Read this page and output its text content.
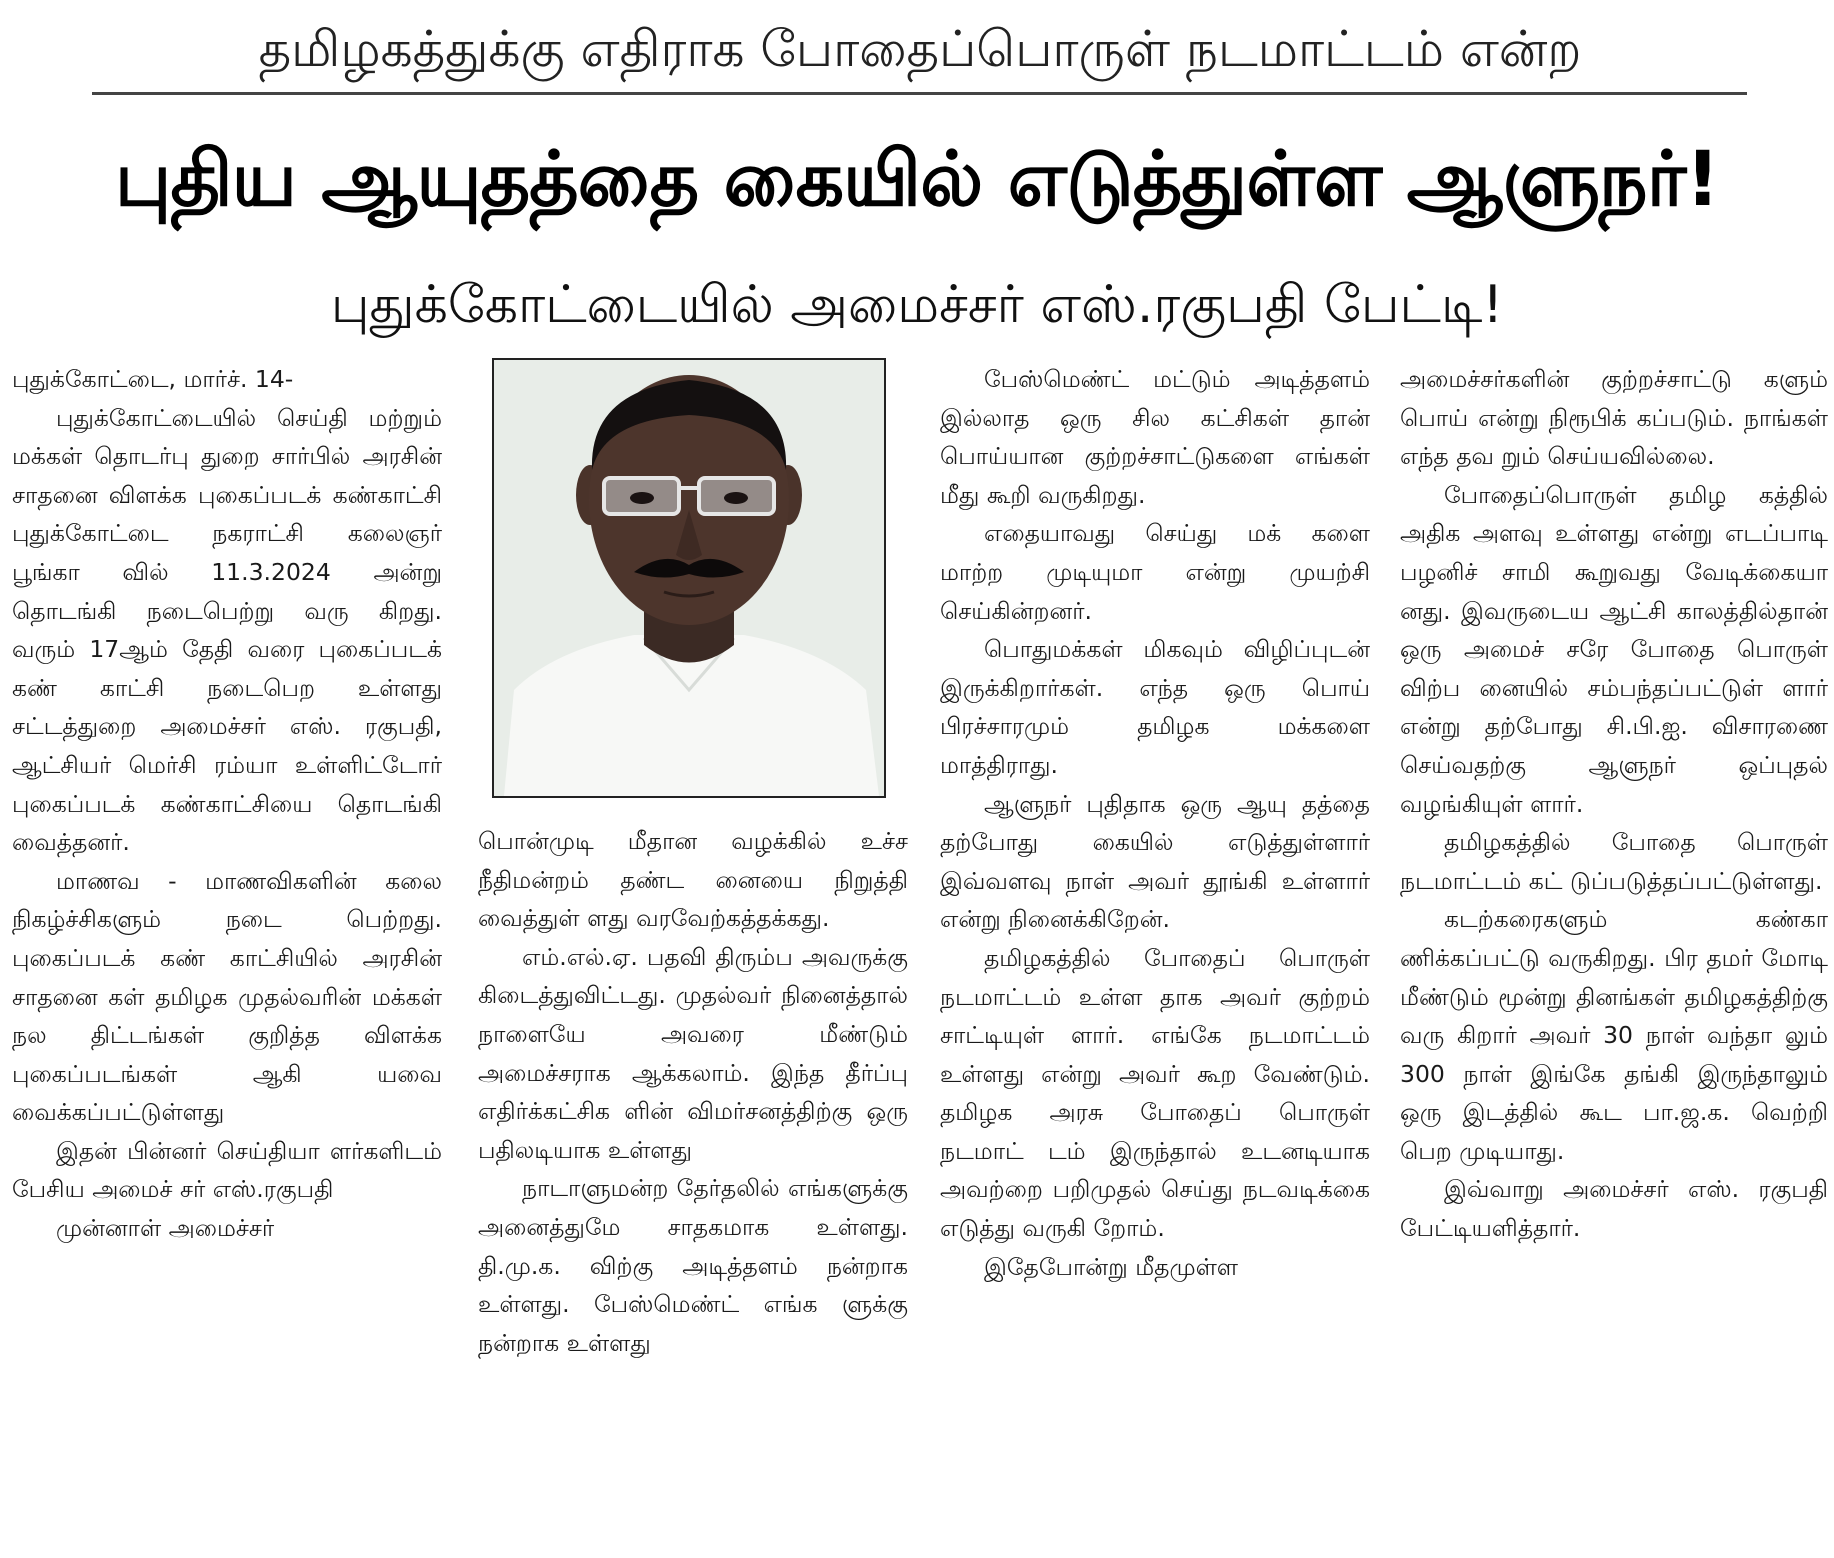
தமிழகத்துக்கு எதிராக போதைப்பொருள் நடமாட்டம் என்ற
புதிய ஆயுதத்தை கையில் எடுத்துள்ள ஆளுநர்!
புதுக்கோட்டையில் அமைச்சர் எஸ்.ரகுபதி பேட்டி!

புதுக்கோட்டை, மார்ச். 14-

புதுக்கோட்டையில் செய்தி மற்றும் மக்கள் தொடர்பு துறை சார்பில் அரசின் சாதனை விளக்க புகைப்படக் கண்காட்சி புதுக்கோட்டை நகராட்சி கலைஞர் பூங்கா வில் 11.3.2024 அன்று தொடங்கி நடைபெற்று வரு கிறது. வரும் 17ஆம் தேதி வரை புகைப்படக் கண் காட்சி நடைபெற உள்ளது சட்டத்துறை அமைச்சர் எஸ். ரகுபதி, ஆட்சியர் மெர்சி ரம்யா உள்ளிட்டோர் புகைப்படக் கண்காட்சியை தொடங்கி வைத்தனர்.

மாணவ - மாணவிகளின் கலை நிகழ்ச்சிகளும் நடை பெற்றது. புகைப்படக் கண் காட்சியில் அரசின் சாதனை கள் தமிழக முதல்வரின் மக்கள் நல திட்டங்கள் குறித்த விளக்க புகைப்படங்கள் ஆகி யவை வைக்கப்பட்டுள்ளது

இதன் பின்னர் செய்தியா ளர்களிடம் பேசிய அமைச் சர் எஸ்.ரகுபதி

முன்னாள் அமைச்சர்

பொன்முடி மீதான வழக்கில் உச்ச நீதிமன்றம் தண்ட னையை நிறுத்தி வைத்துள் ளது வரவேற்கத்தக்கது.

எம்.எல்.ஏ. பதவி திரும்ப அவருக்கு கிடைத்துவிட்டது. முதல்வர் நினைத்தால் நாளையே அவரை மீண்டும் அமைச்சராக ஆக்கலாம். இந்த தீர்ப்பு எதிர்க்கட்சிக ளின் விமர்சனத்திற்கு ஒரு பதிலடியாக உள்ளது

நாடாளுமன்ற தேர்தலில் எங்களுக்கு அனைத்துமே சாதகமாக உள்ளது. தி.மு.க. விற்கு அடித்தளம் நன்றாக உள்ளது. பேஸ்மெண்ட் எங்க ளுக்கு நன்றாக உள்ளது

பேஸ்மெண்ட் மட்டும் அடித்தளம் இல்லாத ஒரு சில கட்சிகள் தான் பொய்யான குற்றச்சாட்டுகளை எங்கள் மீது கூறி வருகிறது.

எதையாவது செய்து மக் களை மாற்ற முடியுமா என்று முயற்சி செய்கின்றனர்.

பொதுமக்கள் மிகவும் விழிப்புடன் இருக்கிறார்கள். எந்த ஒரு பொய் பிரச்சாரமும் தமிழக மக்களை மாத்திராது.

ஆளுநர் புதிதாக ஒரு ஆயு தத்தை தற்போது கையில் எடுத்துள்ளார் இவ்வளவு நாள் அவர் தூங்கி உள்ளார் என்று நினைக்கிறேன்.

தமிழகத்தில் போதைப் பொருள் நடமாட்டம் உள்ள தாக அவர் குற்றம் சாட்டியுள் ளார். எங்கே நடமாட்டம் உள்ளது என்று அவர் கூற வேண்டும். தமிழக அரசு போதைப் பொருள் நடமாட் டம் இருந்தால் உடனடியாக அவற்றை பறிமுதல் செய்து நடவடிக்கை எடுத்து வருகி றோம்.

இதேபோன்று மீதமுள்ள

அமைச்சர்களின் குற்றச்சாட்டு களும் பொய் என்று நிரூபிக் கப்படும். நாங்கள் எந்த தவ றும் செய்யவில்லை.

போதைப்பொருள் தமிழ கத்தில் அதிக அளவு உள்ளது என்று எடப்பாடி பழனிச் சாமி கூறுவது வேடிக்கையா னது. இவருடைய ஆட்சி காலத்தில்தான் ஒரு அமைச் சரே போதை பொருள் விற்ப னையில் சம்பந்தப்பட்டுள் ளார் என்று தற்போது சி.பி.ஐ. விசாரணை செய்வதற்கு ஆளுநர் ஒப்புதல் வழங்கியுள் ளார்.

தமிழகத்தில் போதை பொருள் நடமாட்டம் கட் டுப்படுத்தப்பட்டுள்ளது.

கடற்கரைகளும் கண்கா ணிக்கப்பட்டு வருகிறது. பிர தமர் மோடி மீண்டும் மூன்று தினங்கள் தமிழகத்திற்கு வரு கிறார் அவர் 30 நாள் வந்தா லும் 300 நாள் இங்கே தங்கி இருந்தாலும் ஒரு இடத்தில் கூட பா.ஜ.க. வெற்றி பெற முடியாது.

இவ்வாறு அமைச்சர் எஸ். ரகுபதி பேட்டியளித்தார்.
